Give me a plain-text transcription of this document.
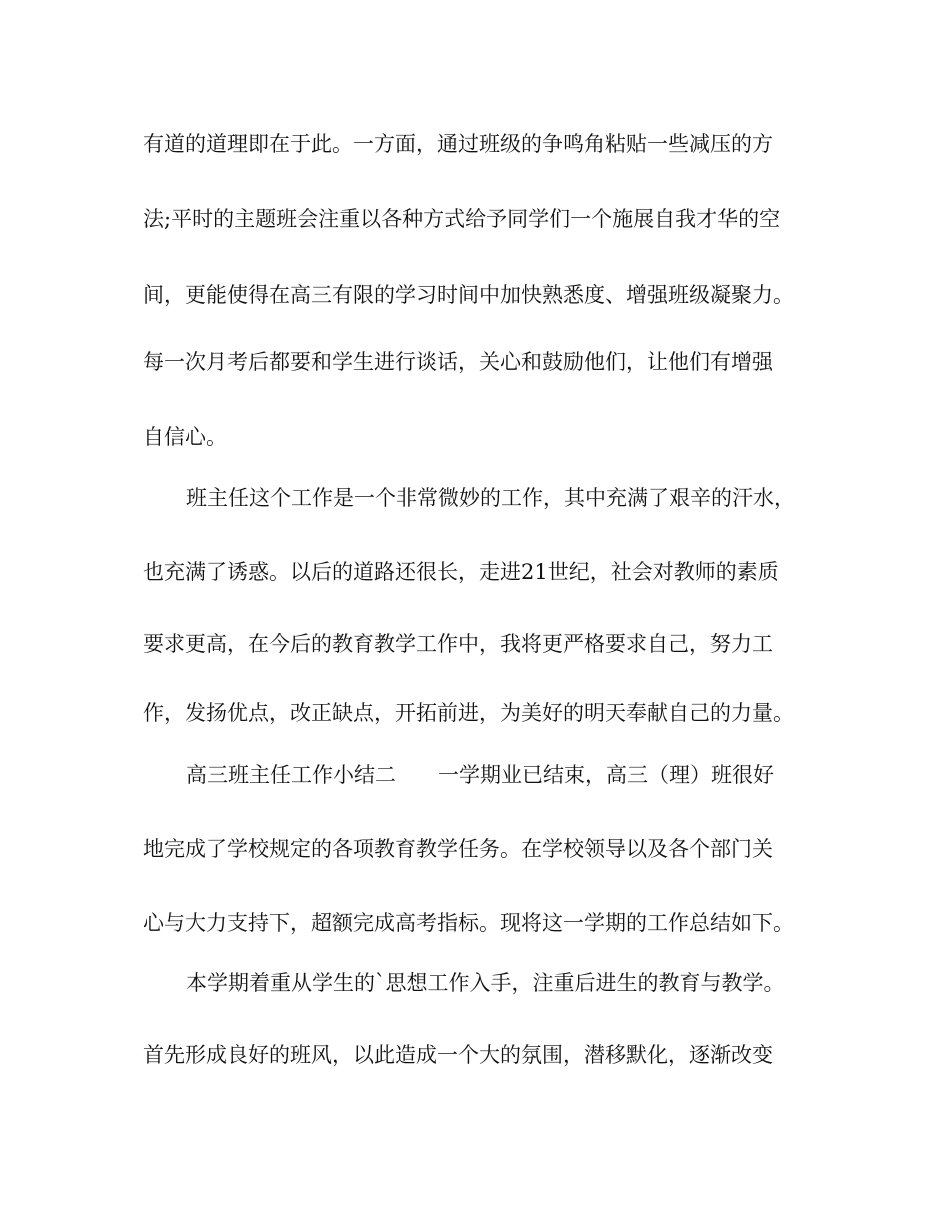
有道的道理即在于此。一方面，通过班级的争鸣角粘贴一些减压的方
法;平时的主题班会注重以各种方式给予同学们一个施展自我才华的空
间，更能使得在高三有限的学习时间中加快熟悉度、增强班级凝聚力。
每一次月考后都要和学生进行谈话，关心和鼓励他们，让他们有增强
自信心。
班主任这个工作是一个非常微妙的工作，其中充满了艰辛的汗水，
也充满了诱惑。以后的道路还很长，走进21世纪，社会对教师的素质
要求更高，在今后的教育教学工作中，我将更严格要求自己，努力工
作，发扬优点，改正缺点，开拓前进，为美好的明天奉献自己的力量。
高三班主任工作小结二　　一学期业已结束，高三（理）班很好
地完成了学校规定的各项教育教学任务。在学校领导以及各个部门关
心与大力支持下，超额完成高考指标。现将这一学期的工作总结如下。
本学期着重从学生的`思想工作入手，注重后进生的教育与教学。
首先形成良好的班风，以此造成一个大的氛围，潜移默化，逐渐改变
